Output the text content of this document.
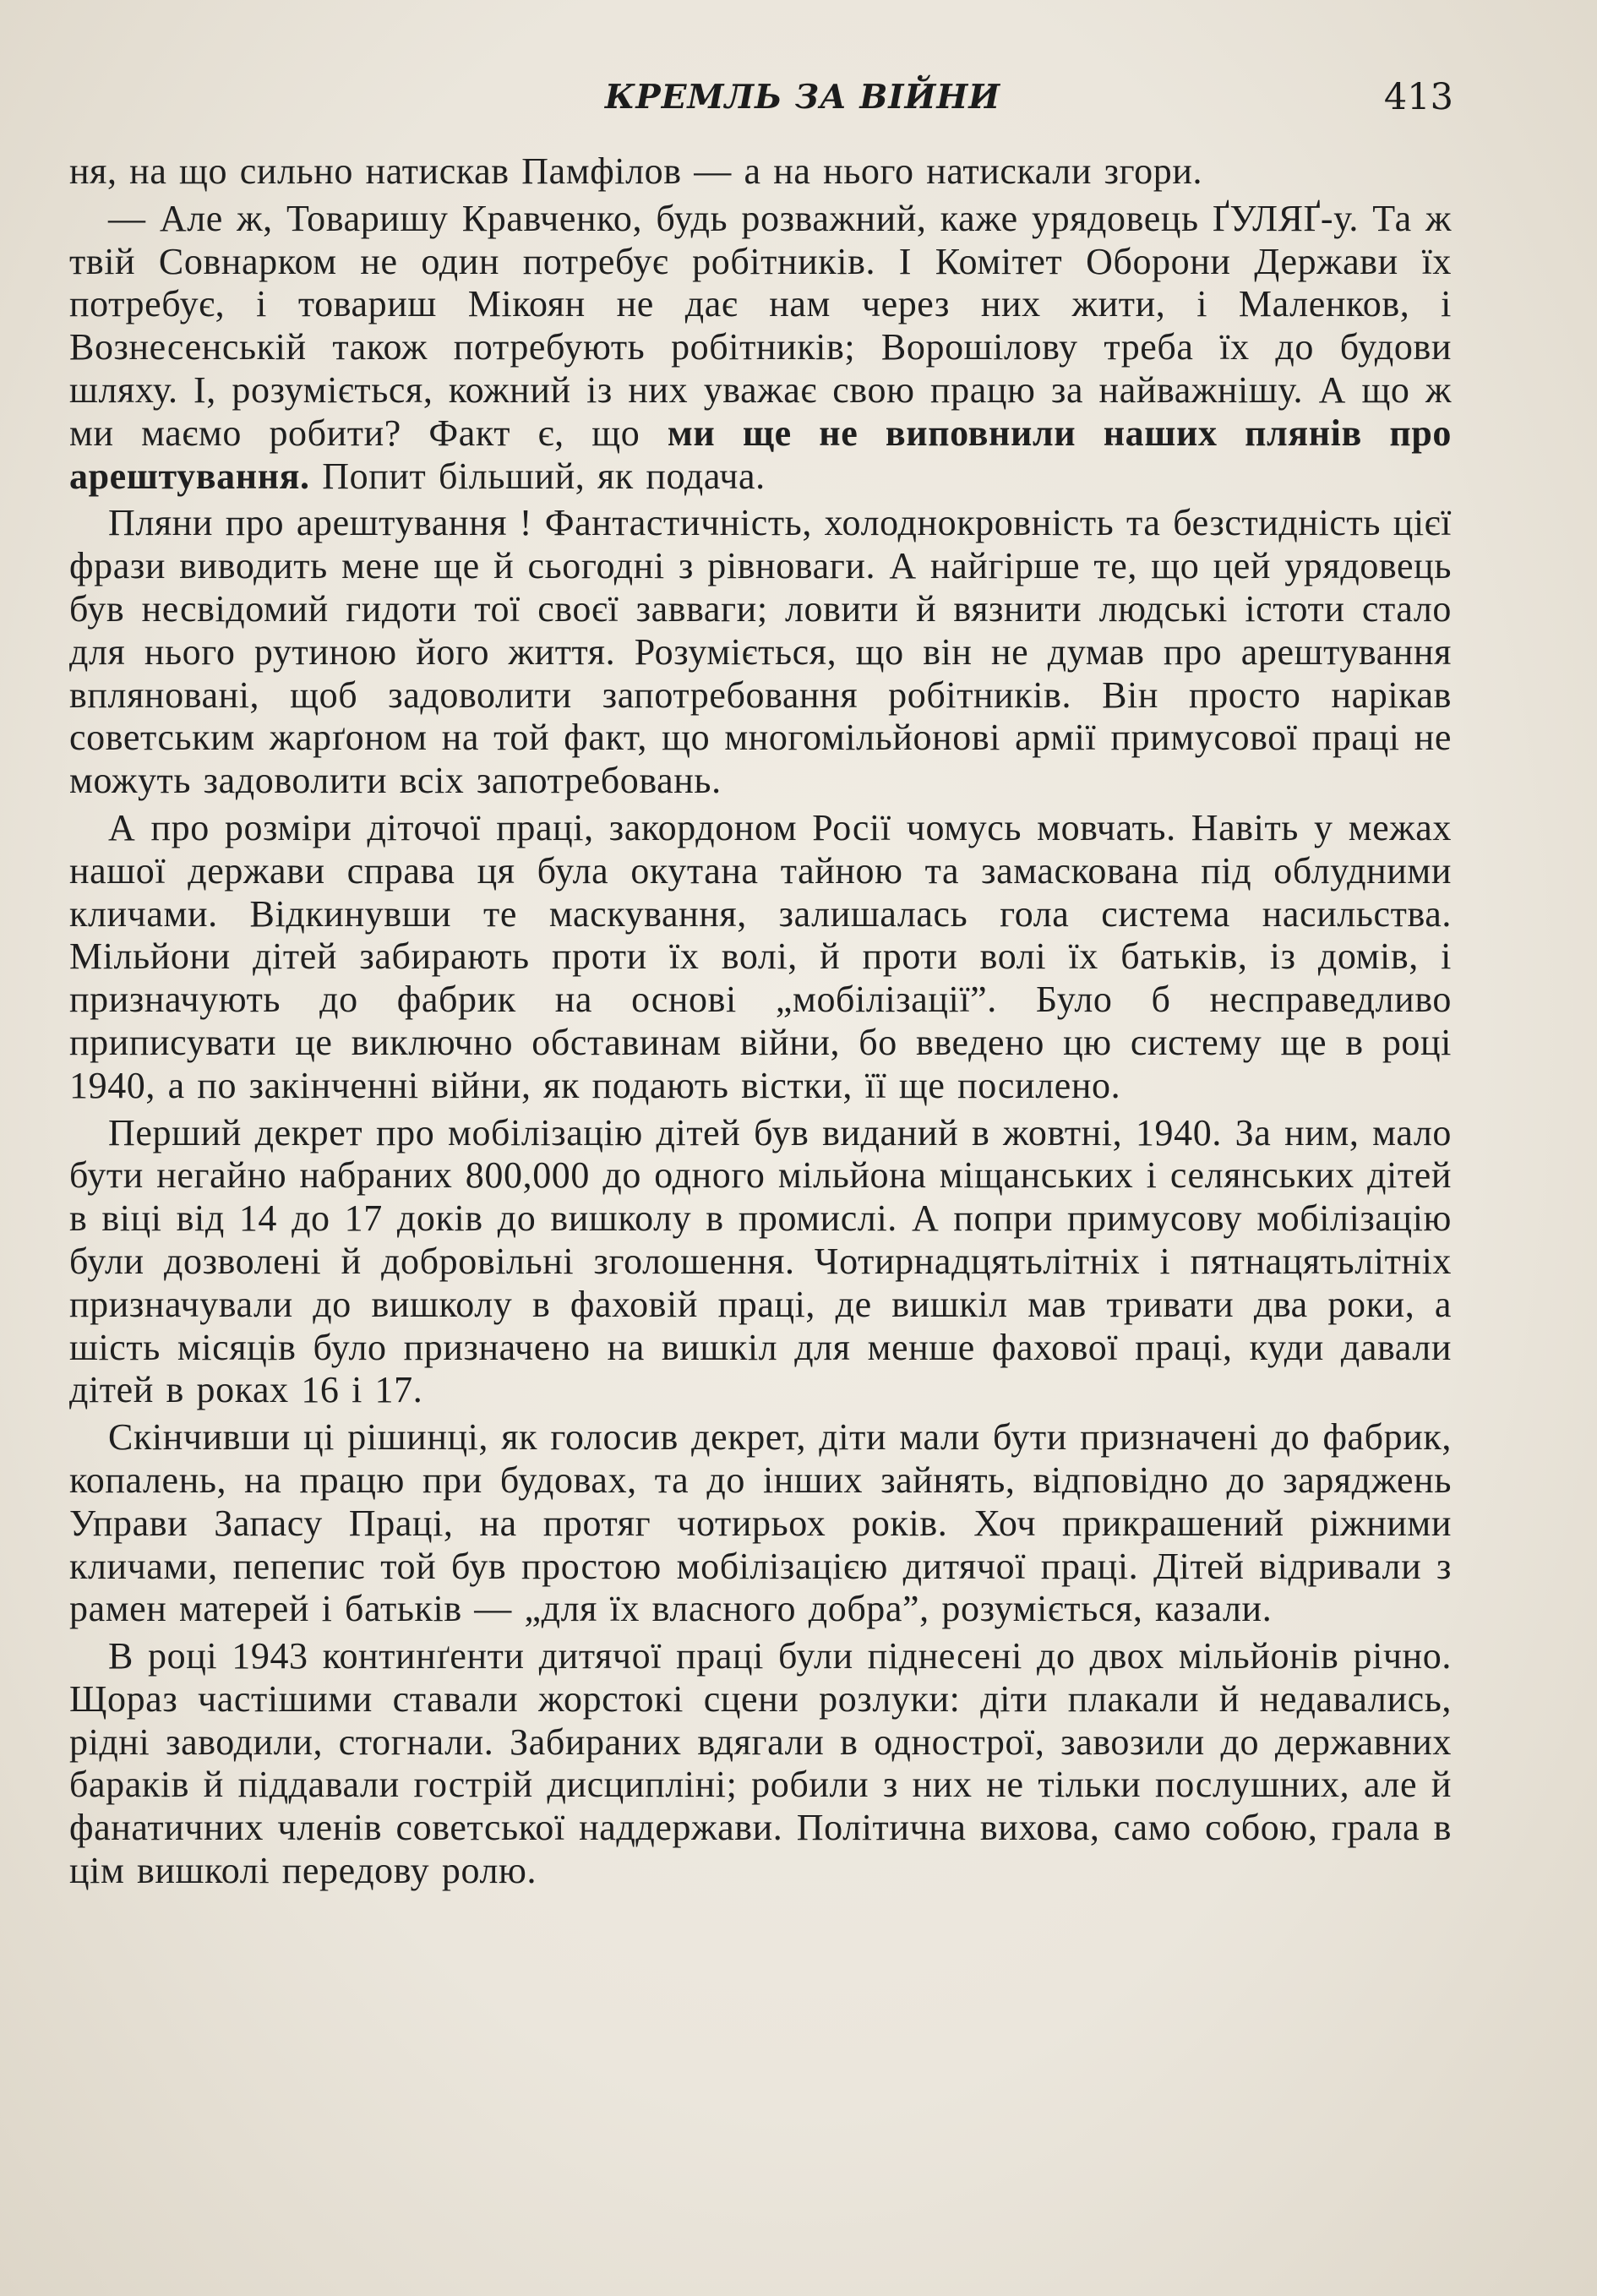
КРЕМЛЬ ЗА ВІЙНИ	413

ня, на що сильно натискав Памфілов — а на нього натискали згори.

— Але ж, Товаришу Кравченко, будь розважний, каже урядовець ҐУЛЯҐ-у. Та ж твій Совнарком не один потребує робітників. І Комітет Оборони Держави їх потребує, і товариш Мікоян не дає нам через них жити, і Маленков, і Вознесенській також потребують робітників; Ворошілову треба їх до будови шляху. І, розуміється, кожний із них уважає свою працю за найважнішу. А що ж ми маємо робити? Факт є, що ми ще не виповнили наших плянів про арештування. Попит більший, як подача.

Пляни про арештування ! Фантастичність, холоднокровність та безстидність цієї фрази виводить мене ще й сьогодні з рівноваги. А найгірше те, що цей урядовець був несвідомий гидоти тої своєї завваги; ловити й вязнити людські істоти стало для нього рутиною його життя. Розуміється, що він не думав про арештування впляновані, щоб задоволити запотребовання робітників. Він просто нарікав советським жарґоном на той факт, що многомільйонові армії примусової праці не можуть задоволити всіх запотребовань.

А про розміри діточої праці, закордоном Росії чомусь мовчать. Навіть у межах нашої держави справа ця була окутана тайною та замаскована під облудними кличами. Відкинувши те маскування, залишалась гола система насильства. Мільйони дітей забирають проти їх волі, й проти волі їх батьків, із домів, і призначують до фабрик на основі „мобілізації”. Було б несправедливо приписувати це виключно обставинам війни, бо введено цю систему ще в році 1940, а по закінченні війни, як подають вістки, її ще посилено.

Перший декрет про мобілізацію дітей був виданий в жовтні, 1940. За ним, мало бути негайно набраних 800,000 до одного мільйона міщанських і селянських дітей в віці від 14 до 17 доків до вишколу в промислі. А попри примусову мобілізацію були дозволені й добровільні зголошення. Чотирнадцятьлітніх і пятнацятьлітніх призначували до вишколу в фаховій праці, де вишкіл мав тривати два роки, а шість місяців було призначено на вишкіл для менше фахової праці, куди давали дітей в роках 16 і 17.

Скінчивши ці рішинці, як голосив декрет, діти мали бути призначені до фабрик, копалень, на працю при будовах, та до інших зайнять, відповідно до заряджень Управи Запасу Праці, на протяг чотирьох років. Хоч прикрашений ріжними кличами, пепепис той був простою мобілізацією дитячої праці. Дітей відривали з рамен матерей і батьків — „для їх власного добра”, розуміється, казали.

В році 1943 континґенти дитячої праці були піднесені до двох мільйонів річно. Щораз частішими ставали жорстокі сцени розлуки: діти плакали й недавались, рідні заводили, стогнали. Забираних вдягали в однострої, завозили до державних бараків й піддавали гострій дисципліні; робили з них не тільки послушних, але й фанатичних членів советської наддержави. Політична вихова, само собою, грала в цім вишколі передову ролю.
